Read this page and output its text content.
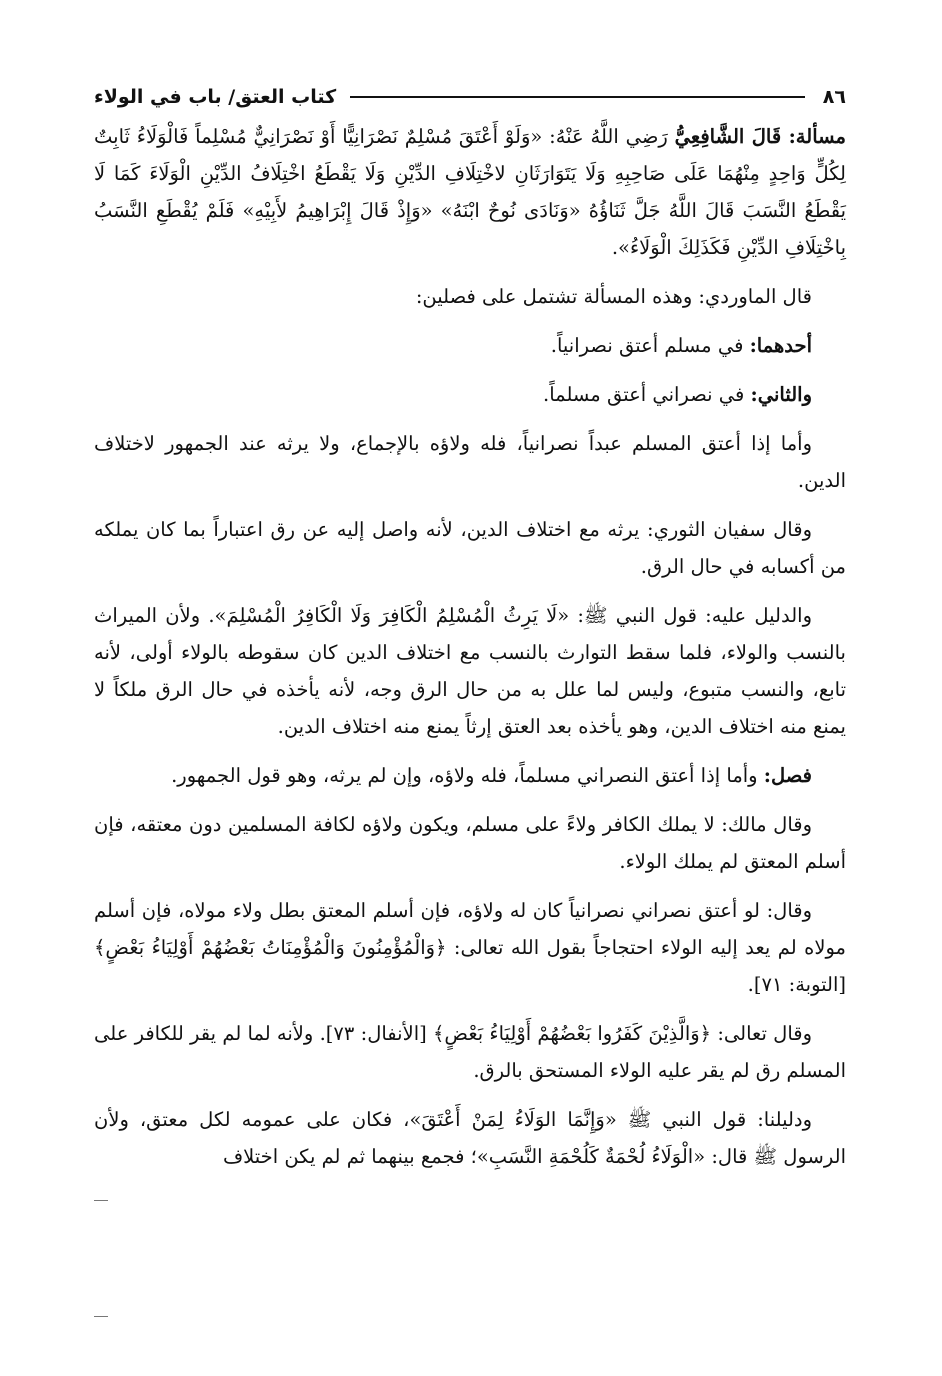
٨٦
كتاب العتق/ باب في الولاء

مسألة: قَالَ الشَّافِعِيُّ رَضِي اللَّهُ عَنْهُ: «وَلَوْ أَعْتَقَ مُسْلِمٌ نَصْرَانِيًّا أَوْ نَصْرَانِيٌّ مُسْلِماً فَالْوَلَاءُ ثَابِتٌ لِكُلٍّ وَاحِدٍ مِنْهُمَا عَلَى صَاحِبِهِ وَلَا يَتَوَارَثَانِ لاخْتِلَافِ الدِّيْنِ وَلَا يَقْطَعُ اخْتِلَافُ الدِّيْنِ الْوَلَاءَ كَمَا لَا يَقْطَعُ النَّسَبَ قَالَ اللَّهُ جَلَّ ثَنَاؤُهُ «وَنَادَى نُوحٌ ابْنَهُ» «وَإِذْ قَالَ إِبْرَاهِيمُ لأَبِيْهِ» فَلَمْ يُقْطَعِ النَّسَبُ بِاخْتِلَافِ الدِّيْنِ فَكَذَلِكَ الْوَلَاءُ».

قال الماوردي: وهذه المسألة تشتمل على فصلين:

أحدهما: في مسلم أعتق نصرانياً.

والثاني: في نصراني أعتق مسلماً.

وأما إذا أعتق المسلم عبداً نصرانياً، فله ولاؤه بالإجماع، ولا يرثه عند الجمهور لاختلاف الدين.

وقال سفيان الثوري: يرثه مع اختلاف الدين، لأنه واصل إليه عن رق اعتباراً بما كان يملكه من أكسابه في حال الرق.

والدليل عليه: قول النبي ﷺ: «لَا يَرِثُ الْمُسْلِمُ الْكَافِرَ وَلَا الْكَافِرُ الْمُسْلِمَ». ولأن الميراث بالنسب والولاء، فلما سقط التوارث بالنسب مع اختلاف الدين كان سقوطه بالولاء أولى، لأنه تابع، والنسب متبوع، وليس لما علل به من حال الرق وجه، لأنه يأخذه في حال الرق ملكاً لا يمنع منه اختلاف الدين، وهو يأخذه بعد العتق إرثاً يمنع منه اختلاف الدين.

فصل: وأما إذا أعتق النصراني مسلماً، فله ولاؤه، وإن لم يرثه، وهو قول الجمهور.

وقال مالك: لا يملك الكافر ولاءً على مسلم، ويكون ولاؤه لكافة المسلمين دون معتقه، فإن أسلم المعتق لم يملك الولاء.

وقال: لو أعتق نصراني نصرانياً كان له ولاؤه، فإن أسلم المعتق بطل ولاء مولاه، فإن أسلم مولاه لم يعد إليه الولاء احتجاجاً بقول الله تعالى: ﴿وَالْمُؤْمِنُونَ وَالْمُؤْمِنَاتُ بَعْضُهُمْ أَوْلِيَاءُ بَعْضٍ﴾ [التوبة: ٧١].

وقال تعالى: ﴿وَالَّذِيْنَ كَفَرُوا بَعْضُهُمْ أَوْلِيَاءُ بَعْضٍ﴾ [الأنفال: ٧٣]. ولأنه لما لم يقر للكافر على المسلم رق لم يقر عليه الولاء المستحق بالرق.

ودليلنا: قول النبي ﷺ «وَإِنَّمَا الوَلَاءُ لِمَنْ أَعْتَقَ»، فكان على عمومه لكل معتق، ولأن الرسول ﷺ قال: «الْوَلَاءُ لُحْمَةٌ كَلُحْمَةِ النَّسَبِ»؛ فجمع بينهما ثم لم يكن اختلاف
